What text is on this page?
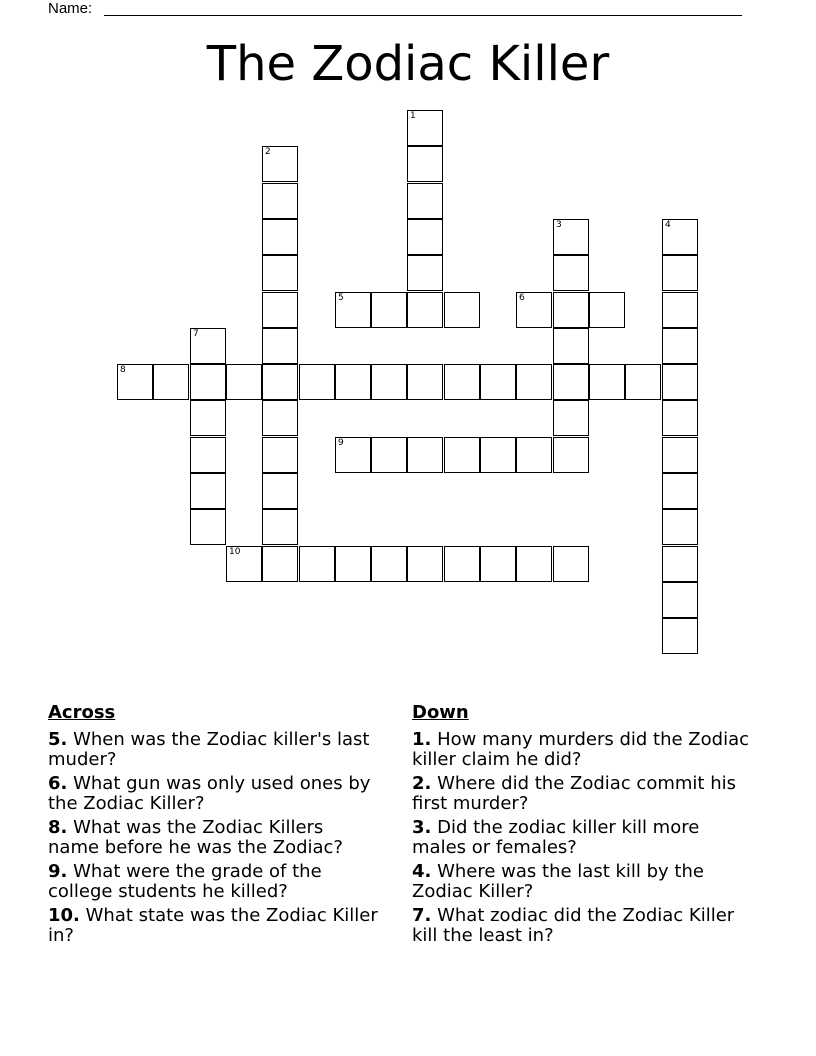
Name:
The Zodiac Killer
1
2
3	4
5	6
7
8
9
10
Across
5. When was the Zodiac killer's last muder?
6. What gun was only used ones by the Zodiac Killer?
8. What was the Zodiac Killers name before he was the Zodiac?
9. What were the grade of the college students he killed?
10. What state was the Zodiac Killer in?
Down
1. How many murders did the Zodiac killer claim he did?
2. Where did the Zodiac commit his first murder?
3. Did the zodiac killer kill more males or females?
4. Where was the last kill by the Zodiac Killer?
7. What zodiac did the Zodiac Killer kill the least in?
